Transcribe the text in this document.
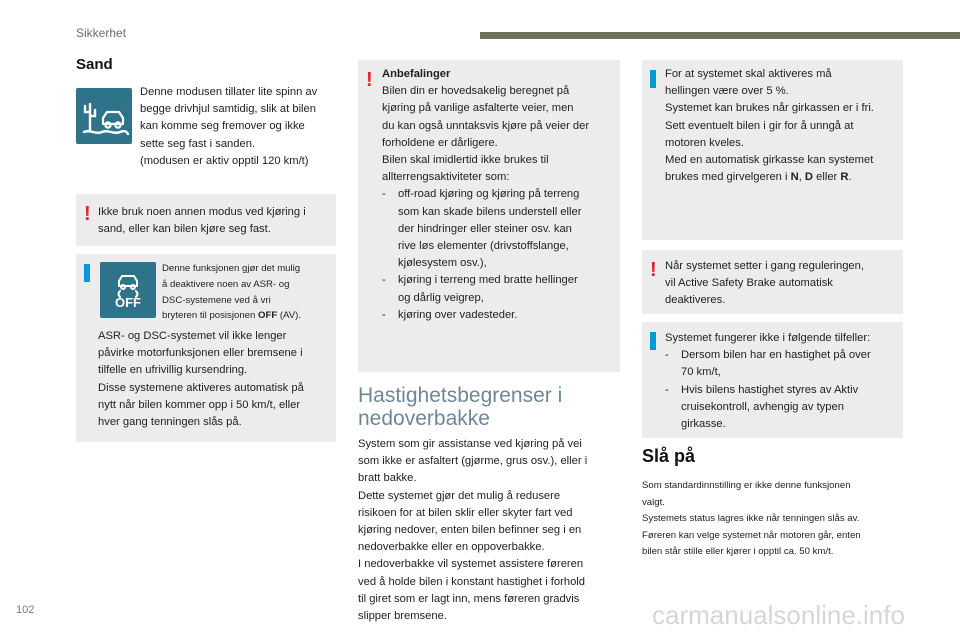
Sikkerhet
Sand

Denne modusen tillater lite spinn av

begge drivhjul samtidig, slik at bilen

kan komme seg fremover og ikke

sette seg fast i sanden.

(modusen er aktiv opptil 120 km/t)

! Ikke bruk noen annen modus ved kjøring i

sand, eller kan bilen kjøre seg fast.

Denne funksjonen gjør det mulig

å deaktivere noen av ASR- og

DSC-systemene ved å vri

bryteren til posisjonen OFF (AV).

ASR- og DSC-systemet vil ikke lenger

påvirke motorfunksjonen eller bremsene i

tilfelle en ufrivillig kursendring.

Disse systemene aktiveres automatisk på

nytt når bilen kommer opp i 50 km/t, eller

hver gang tenningen slås på.

OFF
! Anbefalinger

Bilen din er hovedsakelig beregnet på

kjøring på vanlige asfalterte veier, men

du kan også unntaksvis kjøre på veier der

forholdene er dårligere.

Bilen skal imidlertid ikke brukes til

allterrengsaktiviteter som:

- off-road kjøring og kjøring på terreng

som kan skade bilens understell eller

der hindringer eller steiner osv. kan

rive løs elementer (drivstoffslange,

kjølesystem osv.),

- kjøring i terreng med bratte hellinger

og dårlig veigrep,

- kjøring over vadesteder.

Hastighetsbegrenser i

nedoverbakke

System som gir assistanse ved kjøring på vei

som ikke er asfaltert (gjørme, grus osv.), eller i

bratt bakke.

Dette systemet gjør det mulig å redusere

risikoen for at bilen sklir eller skyter fart ved

kjøring nedover, enten bilen befinner seg i en

nedoverbakke eller en oppoverbakke.

I nedoverbakke vil systemet assistere føreren

ved å holde bilen i konstant hastighet i forhold

til giret som er lagt inn, mens føreren gradvis

slipper bremsene.

For at systemet skal aktiveres må

hellingen være over 5 %.

Systemet kan brukes når girkassen er i fri.

Sett eventuelt bilen i gir for å unngå at

motoren kveles.

Med en automatisk girkasse kan systemet

brukes med girvelgeren i N, D eller R.

! Når systemet setter i gang reguleringen,

vil Active Safety Brake automatisk

deaktiveres.

Systemet fungerer ikke i følgende tilfeller:

- Dersom bilen har en hastighet på over

70 km/t,

- Hvis bilens hastighet styres av Aktiv

cruisekontroll, avhengig av typen

girkasse.

Slå på

Som standardinnstilling er ikke denne funksjonen

valgt.

Systemets status lagres ikke når tenningen slås av.

Føreren kan velge systemet når motoren går, enten

bilen står stille eller kjører i opptil ca. 50 km/t.

102	carmanualsonline.info
